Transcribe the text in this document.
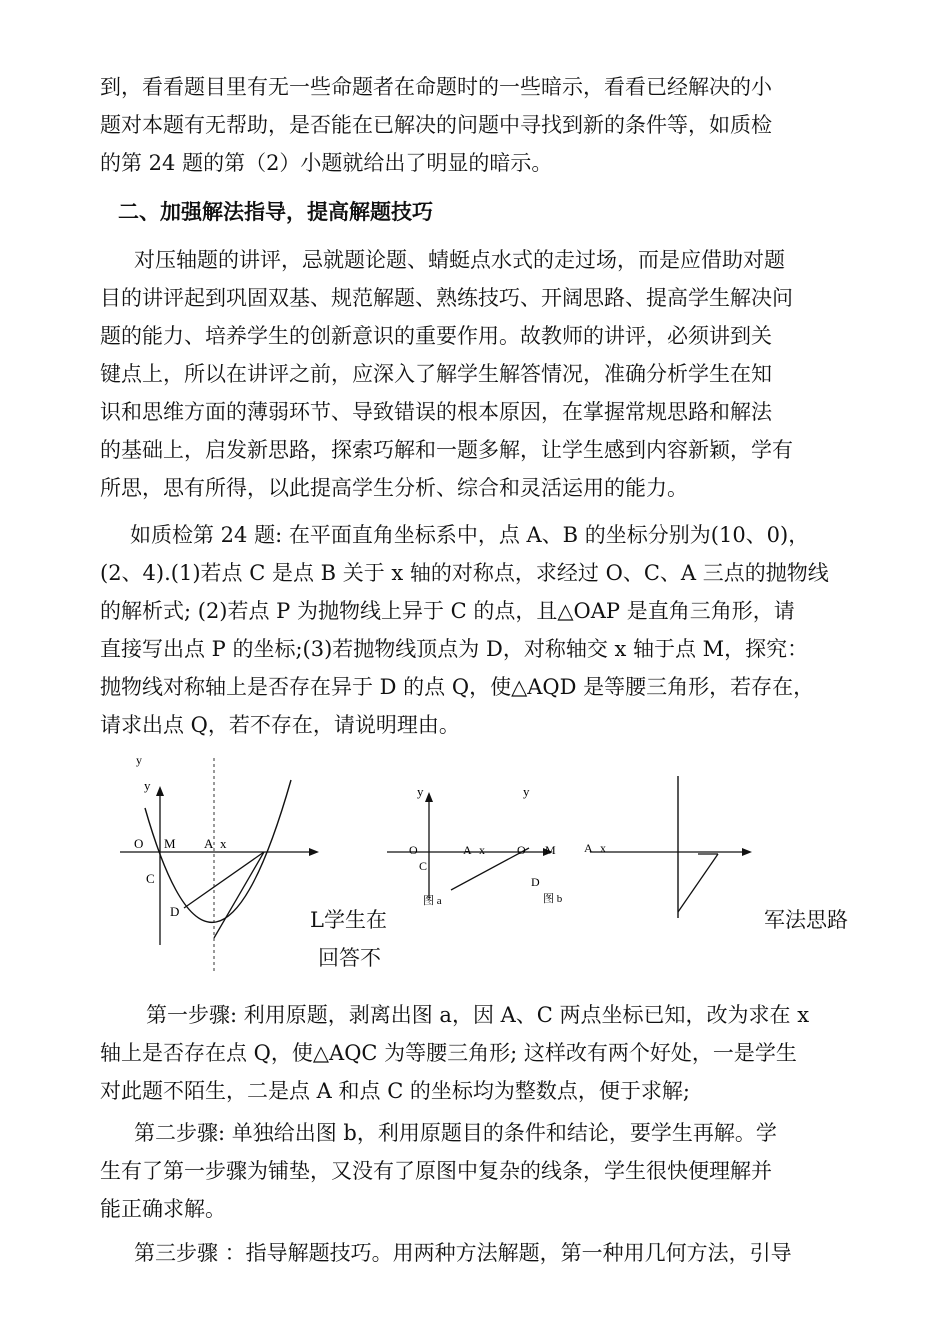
到，看看题目里有无一些命题者在命题时的一些暗示，看看已经解决的小
题对本题有无帮助，是否能在已解决的问题中寻找到新的条件等，如质检
的第 24 题的第（2）小题就给出了明显的暗示。
二、加强解法指导，提高解题技巧
对压轴题的讲评，忌就题论题、蜻蜓点水式的走过场，而是应借助对题
目的讲评起到巩固双基、规范解题、熟练技巧、开阔思路、提高学生解决问
题的能力、培养学生的创新意识的重要作用。故教师的讲评，必须讲到关
键点上，所以在讲评之前，应深入了解学生解答情况，准确分析学生在知
识和思维方面的薄弱环节、导致错误的根本原因，在掌握常规思路和解法
的基础上，启发新思路，探索巧解和一题多解，让学生感到内容新颖，学有
所思，思有所得，以此提高学生分析、综合和灵活运用的能力。
如质检第 24 题: 在平面直角坐标系中，点 A、B 的坐标分别为(10、0)，
(2、4).(1)若点 C 是点 B 关于 x 轴的对称点，求经过 O、C、A 三点的抛物线
的解析式; (2)若点 P 为抛物线上异于 C 的点，且△OAP 是直角三角形，请
直接写出点 P 的坐标;(3)若抛物线顶点为 D，对称轴交 x 轴于点 M，探究：
抛物线对称轴上是否存在异于 D 的点 Q，使△AQD 是等腰三角形，若存在，
请求出点 Q，若不存在，请说明理由。
y
y
O M A x
C
D
y	y
O	A x	O M
C
D
图 a	图 b
A x
L学生在
回答不
军法思路
第一步骤: 利用原题，剥离出图 a，因 A、C 两点坐标已知，改为求在 x
轴上是否存在点 Q，使△AQC 为等腰三角形; 这样改有两个好处，一是学生
对此题不陌生，二是点 A 和点 C 的坐标均为整数点，便于求解;
第二步骤: 单独给出图 b，利用原题目的条件和结论，要学生再解。学
生有了第一步骤为铺垫，又没有了原图中复杂的线条，学生很快便理解并
能正确求解。
第三步骤 ：指导解题技巧。用两种方法解题，第一种用几何方法，引导
